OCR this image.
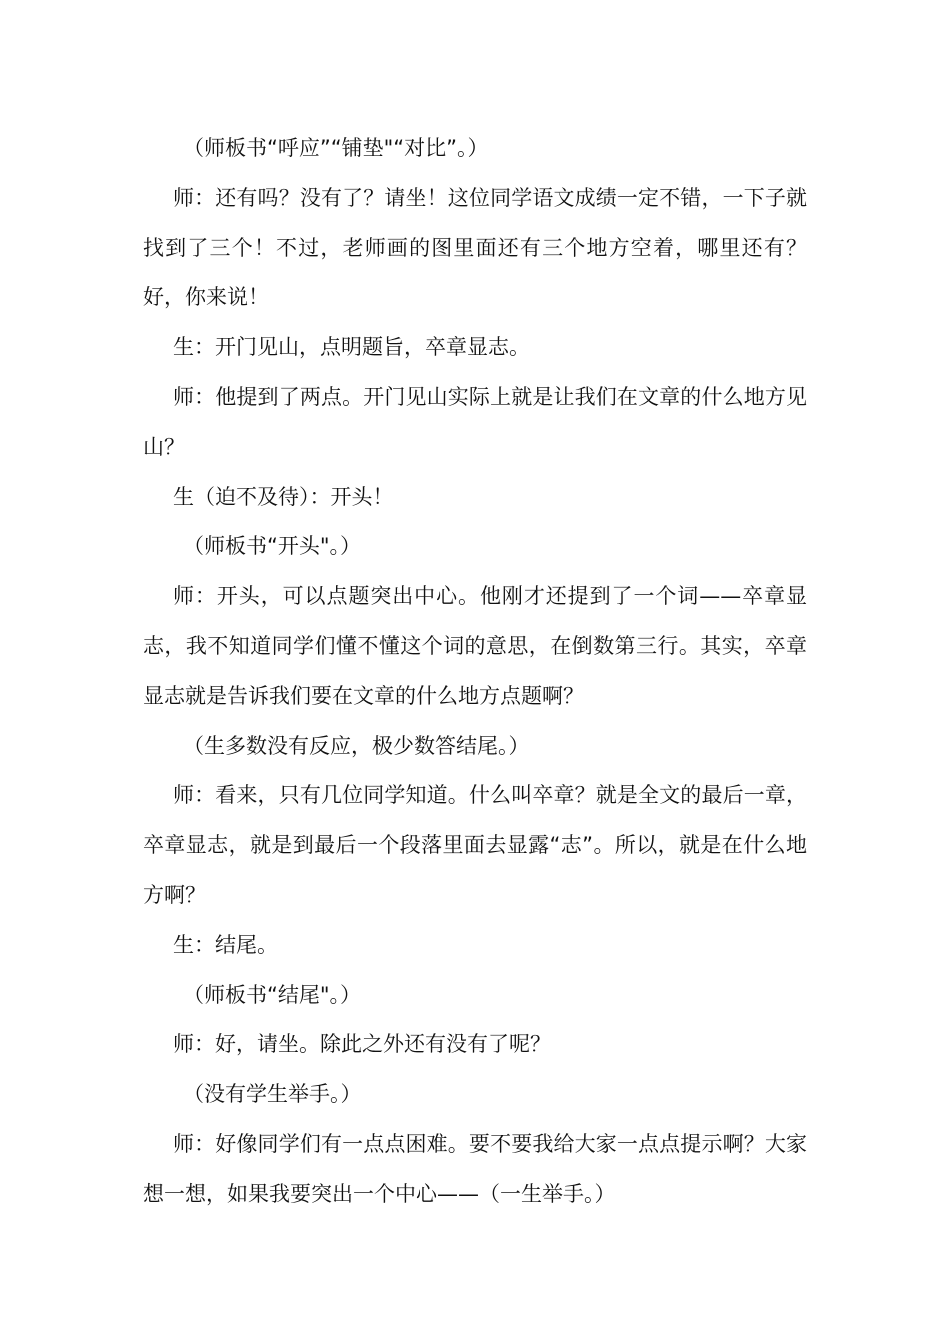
（师板书“呼应”“铺垫"“对比”。）

师：还有吗？没有了？请坐！这位同学语文成绩一定不错，一下子就找到了三个！不过，老师画的图里面还有三个地方空着，哪里还有？好，你来说！

生：开门见山，点明题旨，卒章显志。

师：他提到了两点。开门见山实际上就是让我们在文章的什么地方见山？

生（迫不及待）：开头！

（师板书“开头"。）

师：开头，可以点题突出中心。他刚才还提到了一个词——卒章显志，我不知道同学们懂不懂这个词的意思，在倒数第三行。其实，卒章显志就是告诉我们要在文章的什么地方点题啊？

（生多数没有反应，极少数答结尾。）

师：看来，只有几位同学知道。什么叫卒章？就是全文的最后一章，卒章显志，就是到最后一个段落里面去显露“志”。所以，就是在什么地方啊？

生：结尾。

（师板书“结尾"。）

师：好，请坐。除此之外还有没有了呢？

（没有学生举手。）

师：好像同学们有一点点困难。要不要我给大家一点点提示啊？大家想一想，如果我要突出一个中心——（一生举手。）
